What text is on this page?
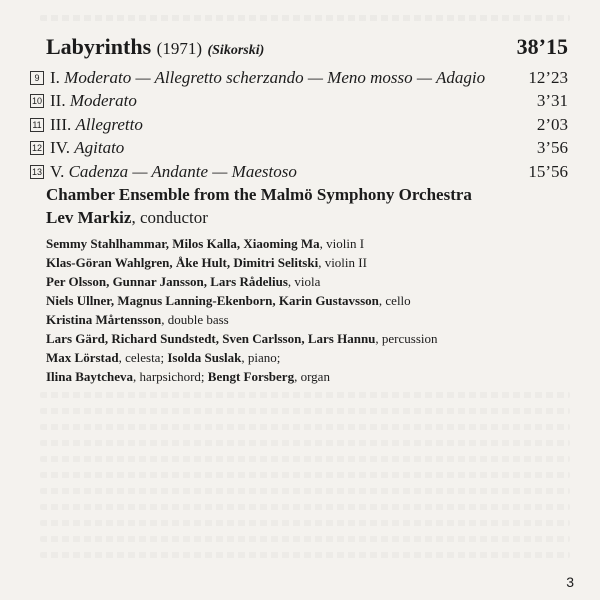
Labyrinths (1971) (Sikorski)	38’15
9 I. Moderato — Allegretto scherzando — Meno mosso — Adagio	12’23
10 II. Moderato	3’31
11 III. Allegretto	2’03
12 IV. Agitato	3’56
13 V. Cadenza — Andante — Maestoso	15’56
Chamber Ensemble from the Malmö Symphony Orchestra
Lev Markiz, conductor
Semmy Stahlhammar, Milos Kalla, Xiaoming Ma, violin I
Klas-Göran Wahlgren, Åke Hult, Dimitri Selitski, violin II
Per Olsson, Gunnar Jansson, Lars Rådelius, viola
Niels Ullner, Magnus Lanning-Ekenborn, Karin Gustavsson, cello
Kristina Mårtensson, double bass
Lars Gärd, Richard Sundstedt, Sven Carlsson, Lars Hannu, percussion
Max Lörstad, celesta; Isolda Suslak, piano;
Ilina Baytcheva, harpsichord; Bengt Forsberg, organ
3
